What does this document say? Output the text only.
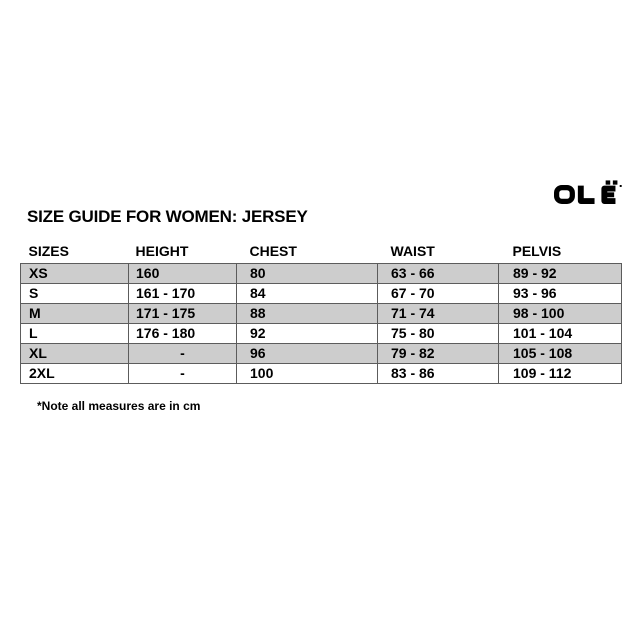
SIZE GUIDE FOR WOMEN: JERSEY
SIZES	HEIGHT	CHEST	WAIST	PELVIS
XS	160	80	63 - 66	89 - 92
S	161 - 170	84	67 - 70	93 - 96
M	171 - 175	88	71 - 74	98 - 100
L	176 - 180	92	75 - 80	101 - 104
XL	-	96	79 - 82	105 - 108
2XL	-	100	83 - 86	109 - 112
*Note all measures are in cm
